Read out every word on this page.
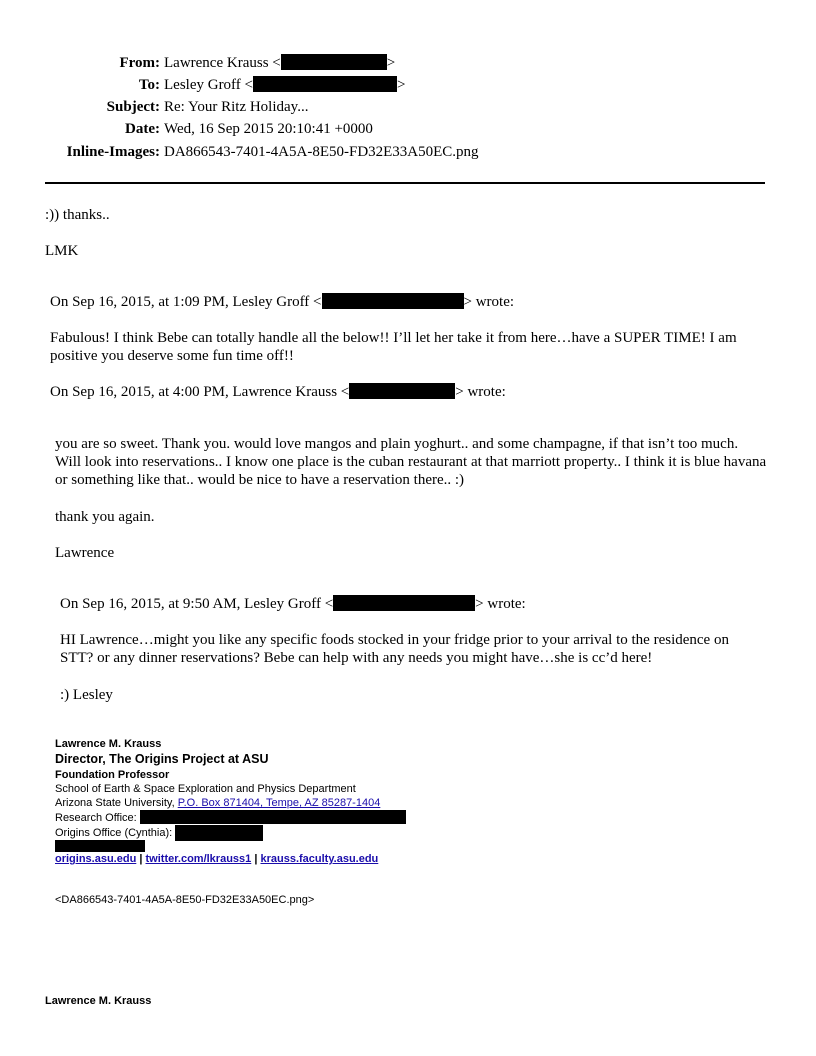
From: Lawrence Krauss <	>
To: Lesley Groff <	>
Subject: Re: Your Ritz Holiday...
Date: Wed, 16 Sep 2015 20:10:41 +0000
Inline-Images: DA866543-7401-4A5A-8E50-FD32E33A50EC.png
:)) thanks..
LMK
On Sep 16, 2015, at 1:09 PM, Lesley Groff <	> wrote:
Fabulous! I think Bebe can totally handle all the below!! I’ll let her take it from here…have a SUPER TIME! I am positive you deserve some fun time off!!
On Sep 16, 2015, at 4:00 PM, Lawrence Krauss <	> wrote:
you are so sweet. Thank you. would love mangos and plain yoghurt.. and some champagne, if that isn’t too much. Will look into reservations.. I know one place is the cuban restaurant at that marriott property.. I think it is blue havana or something like that.. would be nice to have a reservation there.. :)
thank you again.
Lawrence
On Sep 16, 2015, at 9:50 AM, Lesley Groff <	> wrote:
HI Lawrence…might you like any specific foods stocked in your fridge prior to your arrival to the residence on STT? or any dinner reservations? Bebe can help with any needs you might have…she is cc’d here!
:) Lesley
Lawrence M. Krauss
Director, The Origins Project at ASU
Foundation Professor
School of Earth & Space Exploration and Physics Department
Arizona State University, P.O. Box 871404, Tempe, AZ 85287-1404
Research Office:
Origins Office (Cynthia):
origins.asu.edu | twitter.com/lkrauss1 | krauss.faculty.asu.edu
<DA866543-7401-4A5A-8E50-FD32E33A50EC.png>
Lawrence M. Krauss
